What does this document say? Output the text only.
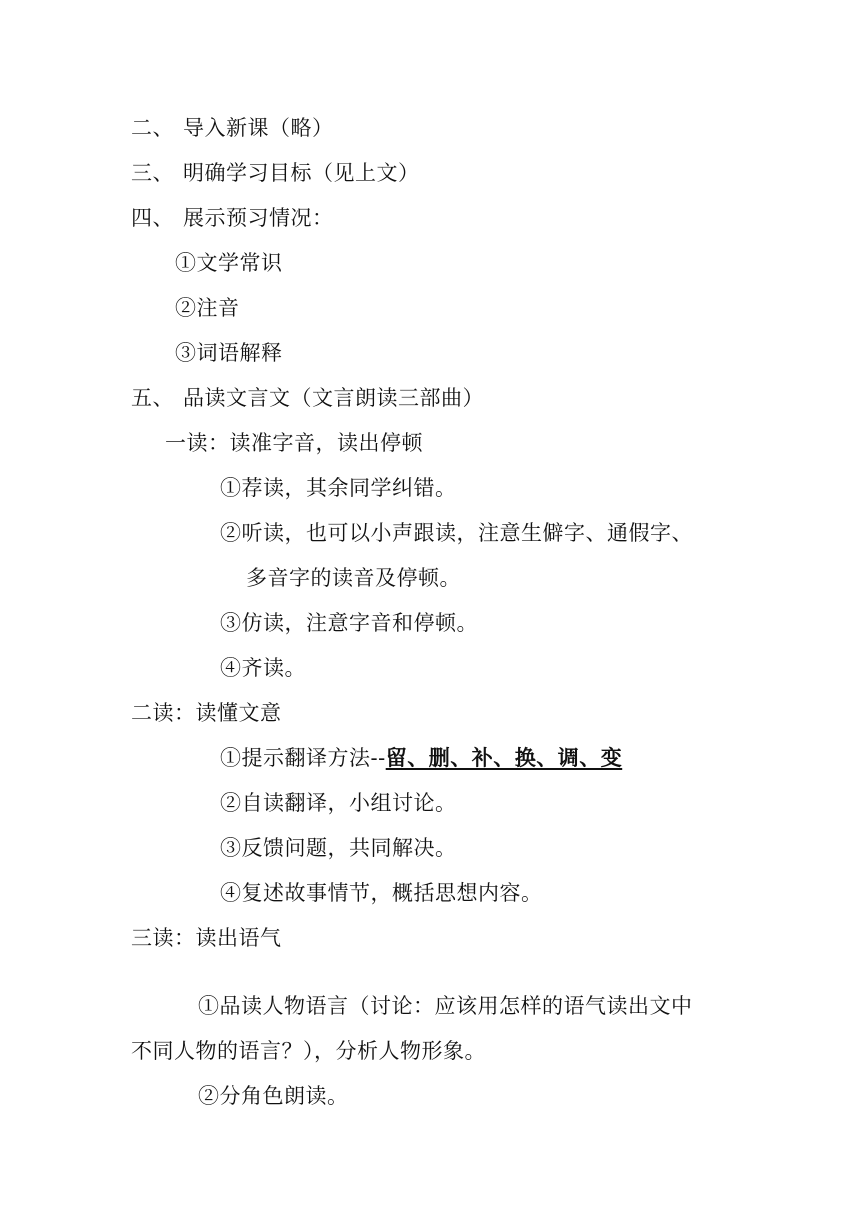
二、 导入新课（略）
三、 明确学习目标（见上文）
四、 展示预习情况：
①文学常识
②注音
③词语解释
五、 品读文言文（文言朗读三部曲）
一读：读准字音，读出停顿
①荐读，其余同学纠错。
②听读，也可以小声跟读，注意生僻字、通假字、
多音字的读音及停顿。
③仿读，注意字音和停顿。
④齐读。
二读：读懂文意
①提示翻译方法--留、删、补、换、调、变
②自读翻译，小组讨论。
③反馈问题，共同解决。
④复述故事情节，概括思想内容。
三读：读出语气
①品读人物语言（讨论：应该用怎样的语气读出文中
不同人物的语言？），分析人物形象。
②分角色朗读。
